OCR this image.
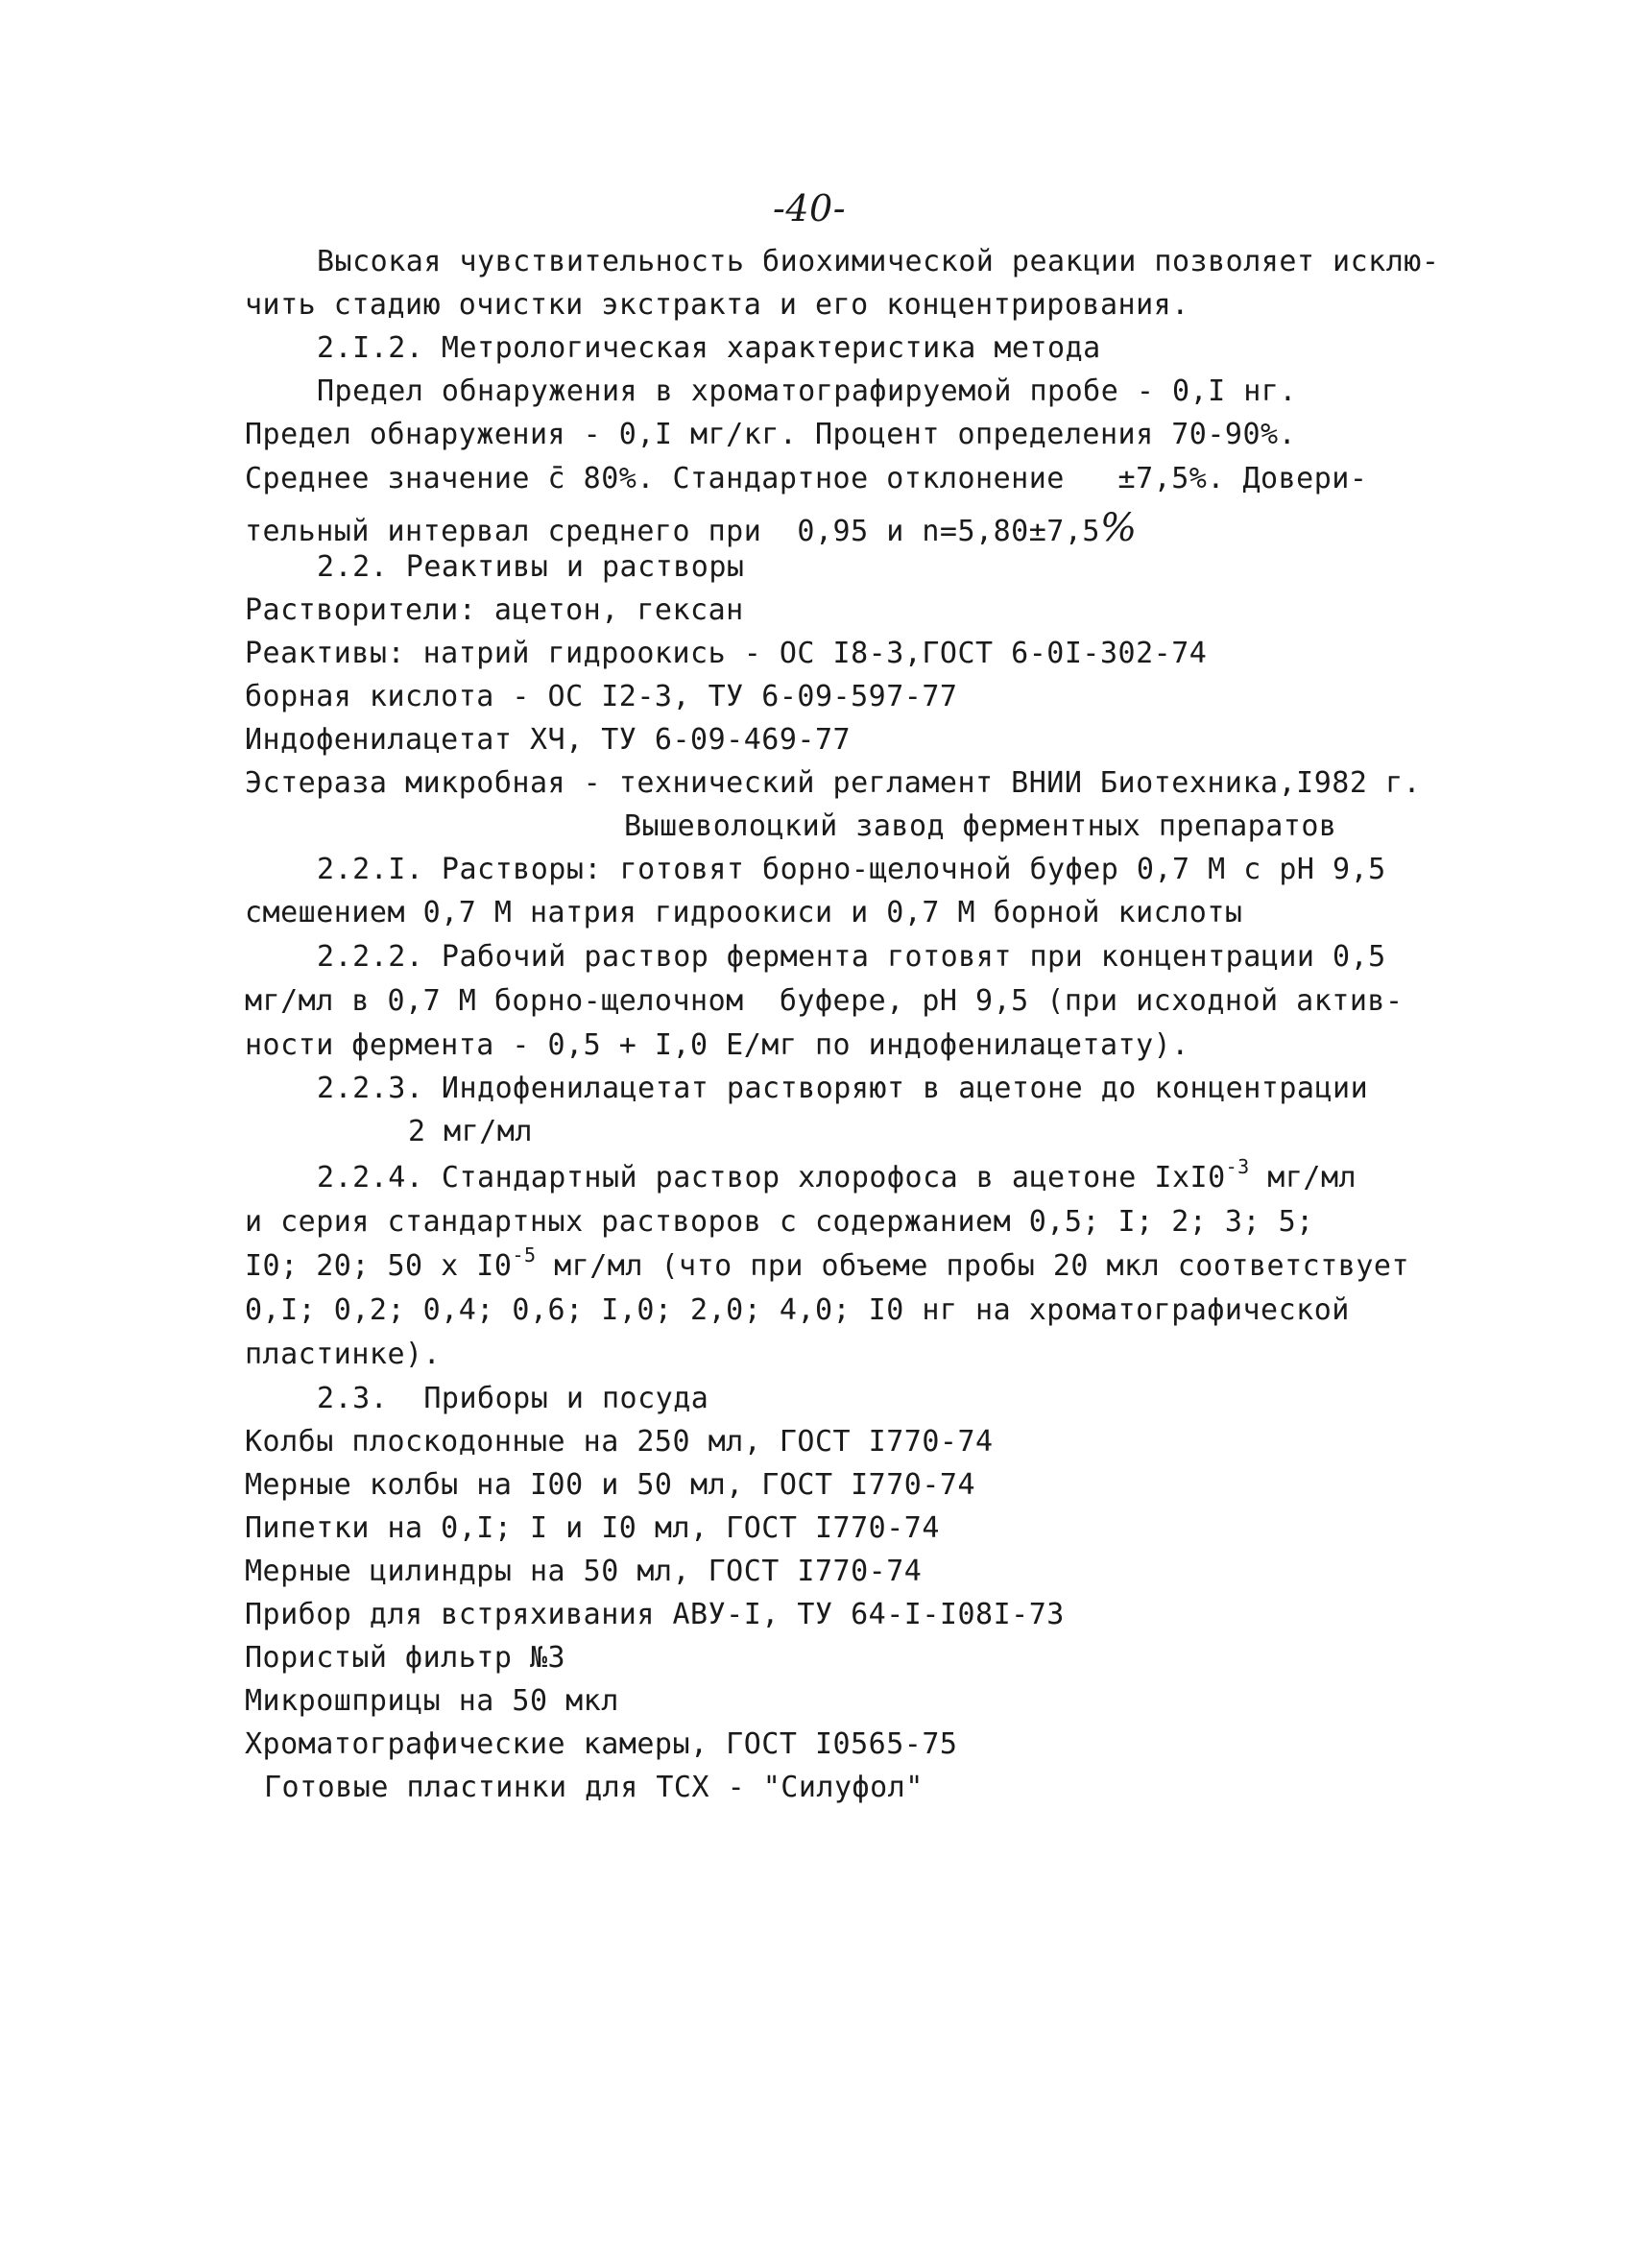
-40-
Высокая чувствительность биохимической реакции позволяет исклю-
чить стадию очистки экстракта и его концентрирования.
2.I.2. Метрологическая характеристика метода
Предел обнаружения в хроматографируемой пробе - 0,I нг.
Предел обнаружения - 0,I мг/кг. Процент определения 70-90%.
Среднее значение c̄ 80%. Стандартное отклонение   ±7,5%. Довери-
тельный интервал среднего при  0,95 и n=5,80±7,5%
2.2. Реактивы и растворы
Растворители: ацетон, гексан
Реактивы: натрий гидроокись - ОС I8-3,ГОСТ 6-0I-302-74
борная кислота - ОС I2-3, ТУ 6-09-597-77
Индофенилацетат ХЧ, ТУ 6-09-469-77
Эстераза микробная - технический регламент ВНИИ Биотехника,I982 г.
Вышеволоцкий завод ферментных препаратов
2.2.I. Растворы: готовят борно-щелочной буфер 0,7 М с рН 9,5
смешением 0,7 М натрия гидроокиси и 0,7 М борной кислоты
2.2.2. Рабочий раствор фермента готовят при концентрации 0,5
мг/мл в 0,7 М борно-щелочном  буфере, рН 9,5 (при исходной актив-
ности фермента - 0,5 + I,0 Е/мг по индофенилацетату).
2.2.3. Индофенилацетат растворяют в ацетоне до концентрации
2 мг/мл
2.2.4. Стандартный раствор хлорофоса в ацетоне $IxI0^{-3}$ мг/мл
и серия стандартных растворов с содержанием 0,5; I; 2; 3; 5;
I0; 20; 50 x $I0^{-5}$ мг/мл (что при объеме пробы 20 мкл соответствует
0,I; 0,2; 0,4; 0,6; I,0; 2,0; 4,0; I0 нг на хроматографической
пластинке).
2.3.  Приборы и посуда
Колбы плоскодонные на 250 мл, ГОСТ I770-74
Мерные колбы на I00 и 50 мл, ГОСТ I770-74
Пипетки на 0,I; I и I0 мл, ГОСТ I770-74
Мерные цилиндры на 50 мл, ГОСТ I770-74
Прибор для встряхивания АВУ-I, ТУ 64-I-I08I-73
Пористый фильтр №3
Микрошприцы на 50 мкл
Хроматографические камеры, ГОСТ I0565-75
Готовые пластинки для ТСХ - "Силуфол"
